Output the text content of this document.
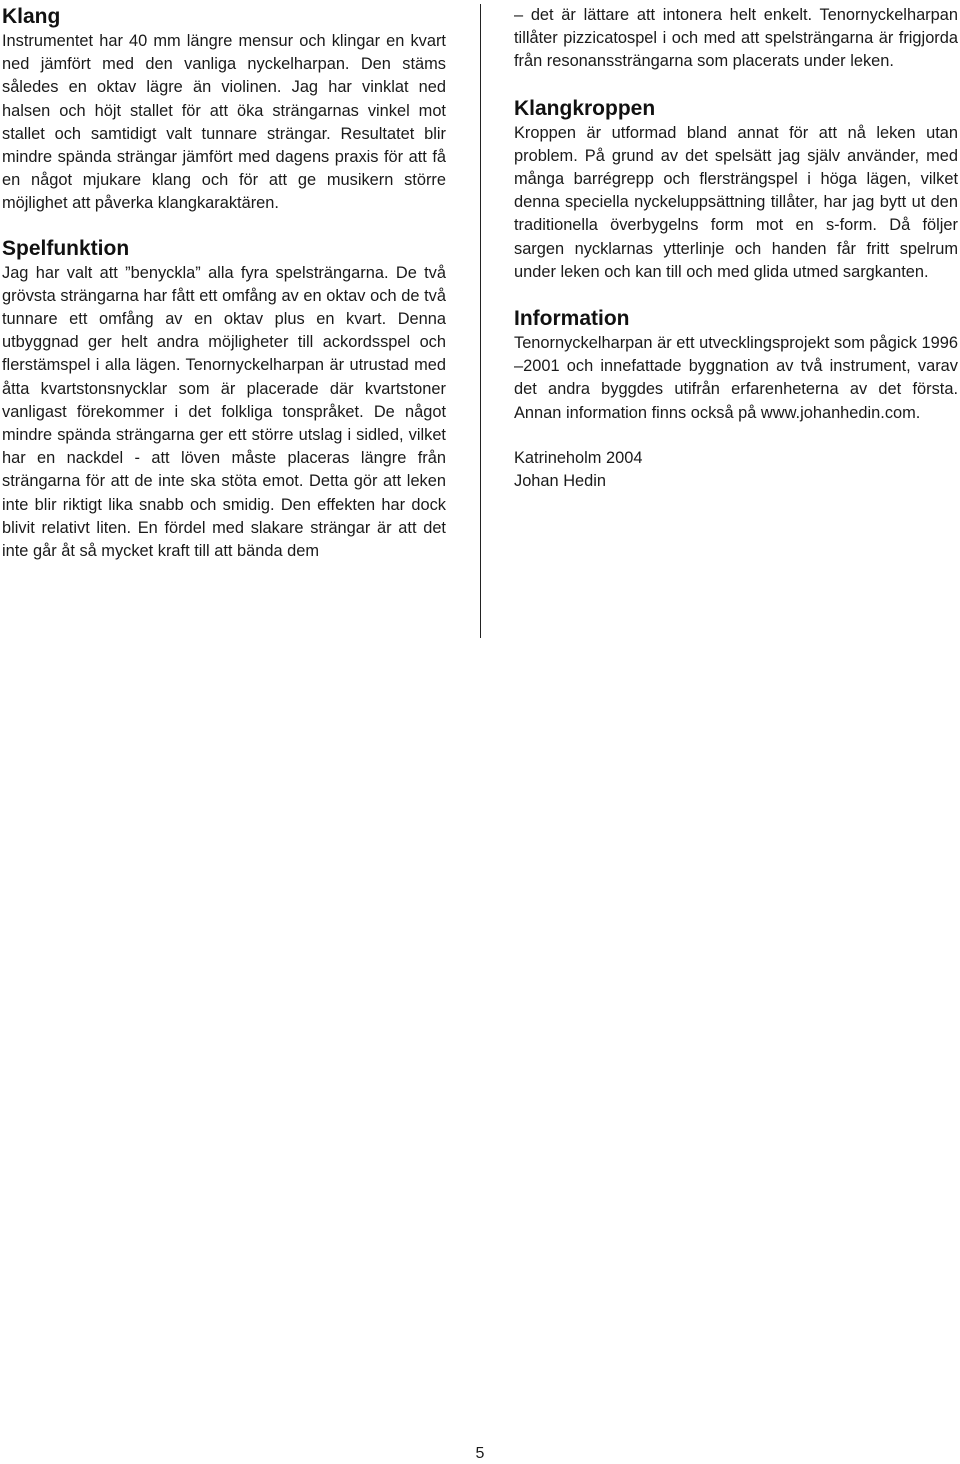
Klang

Instrumentet har 40 mm längre mensur och klingar en kvart ned jämfört med den vanliga nyckelharpan. Den stäms således en oktav lägre än violinen. Jag har vinklat ned halsen och höjt stallet för att öka strängarnas vinkel mot stallet och samtidigt valt tunnare strängar. Resultatet blir mindre spända strängar jämfört med dagens praxis för att få en något mjukare klang och för att ge musikern större möjlighet att påverka klangkaraktären.

Spelfunktion

Jag har valt att ”benyckla” alla fyra spelsträngarna. De två grövsta strängarna har fått ett omfång av en oktav och de två tunnare ett omfång av en oktav plus en kvart. Denna utbyggnad ger helt andra möjligheter till ackordsspel och flerstämspel i alla lägen. Tenornyckelharpan är utrustad med åtta kvartstonsnycklar som är placerade där kvartstoner vanligast förekommer i det folkliga tonspråket. De något mindre spända strängarna ger ett större utslag i sidled, vilket har en nackdel - att löven måste placeras längre från strängarna för att de inte ska stöta emot. Detta gör att leken inte blir riktigt lika snabb och smidig. Den effekten har dock blivit relativt liten. En fördel med slakare strängar är att det inte går åt så mycket kraft till att bända dem

– det är lättare att intonera helt enkelt. Tenornyckelharpan tillåter pizzicatospel i och med att spelsträngarna är frigjorda från resonanssträngarna som placerats under leken.

Klangkroppen

Kroppen är utformad bland annat för att nå leken utan problem. På grund av det spelsätt jag själv använder, med många barrégrepp och flersträngspel i höga lägen, vilket denna speciella nyckeluppsättning tillåter, har jag bytt ut den traditionella överbygelns form mot en s-form. Då följer sargen nycklarnas ytterlinje och handen får fritt spelrum under leken och kan till och med glida utmed sargkanten.

Information

Tenornyckelharpan är ett utvecklingsprojekt som pågick 1996 –2001 och innefattade byggnation av två instrument, varav det andra byggdes utifrån erfarenheterna av det första. Annan information finns också på www.johanhedin.com.

Katrineholm 2004

Johan Hedin

5
